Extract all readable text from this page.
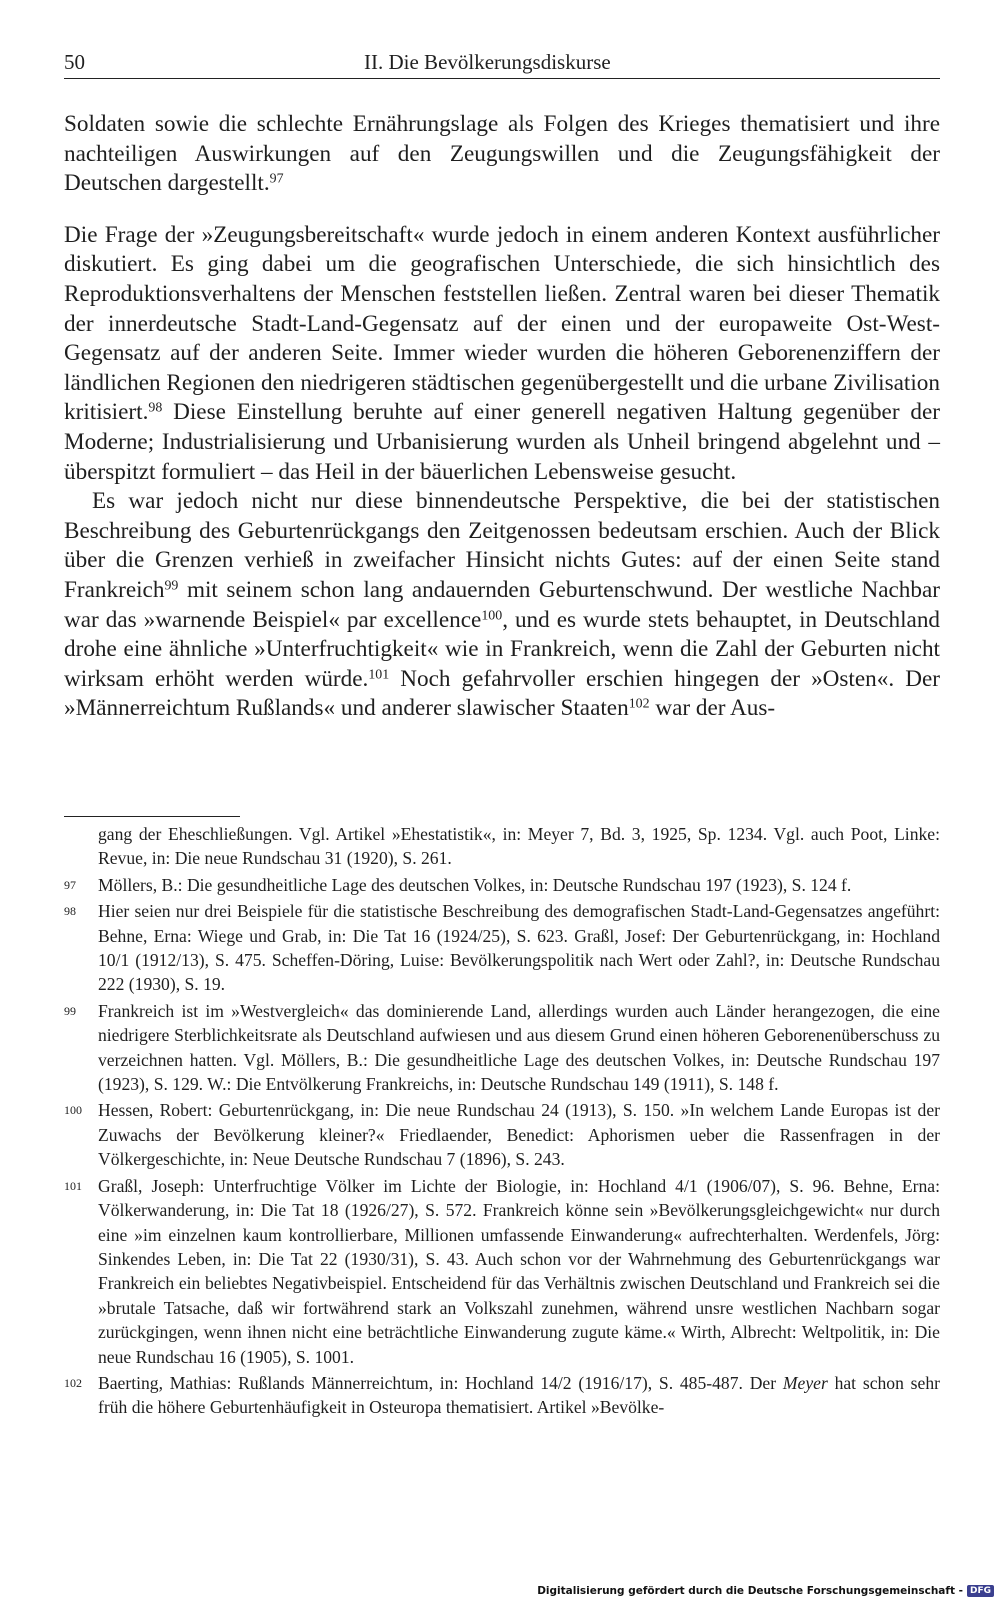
50	II. Die Bevölkerungsdiskurse

Soldaten sowie die schlechte Ernährungslage als Folgen des Krieges thematisiert und ihre nachteiligen Auswirkungen auf den Zeugungswillen und die Zeugungsfähigkeit der Deutschen dargestellt.$^{97}$

Die Frage der »Zeugungsbereitschaft« wurde jedoch in einem anderen Kontext ausführlicher diskutiert. Es ging dabei um die geografischen Unterschiede, die sich hinsichtlich des Reproduktionsverhaltens der Menschen feststellen ließen. Zentral waren bei dieser Thematik der innerdeutsche Stadt-Land-Gegensatz auf der einen und der europaweite Ost-West-Gegensatz auf der anderen Seite. Immer wieder wurden die höheren Geborenenziffern der ländlichen Regionen den niedrigeren städtischen gegenübergestellt und die urbane Zivilisation kritisiert.$^{98}$ Diese Einstellung beruhte auf einer generell negativen Haltung gegenüber der Moderne; Industrialisierung und Urbanisierung wurden als Unheil bringend abgelehnt und – überspitzt formuliert – das Heil in der bäuerlichen Lebensweise gesucht.

Es war jedoch nicht nur diese binnendeutsche Perspektive, die bei der statistischen Beschreibung des Geburtenrückgangs den Zeitgenossen bedeutsam erschien. Auch der Blick über die Grenzen verhieß in zweifacher Hinsicht nichts Gutes: auf der einen Seite stand Frankreich$^{99}$ mit seinem schon lang andauernden Geburtenschwund. Der westliche Nachbar war das »warnende Beispiel« par excellence$^{100}$, und es wurde stets behauptet, in Deutschland drohe eine ähnliche »Unterfruchtigkeit« wie in Frankreich, wenn die Zahl der Geburten nicht wirksam erhöht werden würde.$^{101}$ Noch gefahrvoller erschien hingegen der »Osten«. Der »Männerreichtum Rußlands« und anderer slawischer Staaten$^{102}$ war der Aus-

gang der Eheschließungen. Vgl. Artikel »Ehestatistik«, in: Meyer 7, Bd. 3, 1925, Sp. 1234. Vgl. auch Poot, Linke: Revue, in: Die neue Rundschau 31 (1920), S. 261.
97 Möllers, B.: Die gesundheitliche Lage des deutschen Volkes, in: Deutsche Rundschau 197 (1923), S. 124 f.
98 Hier seien nur drei Beispiele für die statistische Beschreibung des demografischen Stadt-Land-Gegensatzes angeführt: Behne, Erna: Wiege und Grab, in: Die Tat 16 (1924/25), S. 623. Graßl, Josef: Der Geburtenrückgang, in: Hochland 10/1 (1912/13), S. 475. Scheffen-Döring, Luise: Bevölkerungspolitik nach Wert oder Zahl?, in: Deutsche Rundschau 222 (1930), S. 19.
99 Frankreich ist im »Westvergleich« das dominierende Land, allerdings wurden auch Länder herangezogen, die eine niedrigere Sterblichkeitsrate als Deutschland aufwiesen und aus diesem Grund einen höheren Geborenenüberschuss zu verzeichnen hatten. Vgl. Möllers, B.: Die gesundheitliche Lage des deutschen Volkes, in: Deutsche Rundschau 197 (1923), S. 129. W.: Die Entvölkerung Frankreichs, in: Deutsche Rundschau 149 (1911), S. 148 f.
100 Hessen, Robert: Geburtenrückgang, in: Die neue Rundschau 24 (1913), S. 150. »In welchem Lande Europas ist der Zuwachs der Bevölkerung kleiner?« Friedlaender, Benedict: Aphorismen ueber die Rassenfragen in der Völkergeschichte, in: Neue Deutsche Rundschau 7 (1896), S. 243.
101 Graßl, Joseph: Unterfruchtige Völker im Lichte der Biologie, in: Hochland 4/1 (1906/07), S. 96. Behne, Erna: Völkerwanderung, in: Die Tat 18 (1926/27), S. 572. Frankreich könne sein »Bevölkerungsgleichgewicht« nur durch eine »im einzelnen kaum kontrollierbare, Millionen umfassende Einwanderung« aufrechterhalten. Werdenfels, Jörg: Sinkendes Leben, in: Die Tat 22 (1930/31), S. 43. Auch schon vor der Wahrnehmung des Geburtenrückgangs war Frankreich ein beliebtes Negativbeispiel. Entscheidend für das Verhältnis zwischen Deutschland und Frankreich sei die »brutale Tatsache, daß wir fortwährend stark an Volkszahl zunehmen, während unsre westlichen Nachbarn sogar zurückgingen, wenn ihnen nicht eine beträchtliche Einwanderung zugute käme.« Wirth, Albrecht: Weltpolitik, in: Die neue Rundschau 16 (1905), S. 1001.
102 Baerting, Mathias: Rußlands Männerreichtum, in: Hochland 14/2 (1916/17), S. 485-487. Der Meyer hat schon sehr früh die höhere Geburtenhäufigkeit in Osteuropa thematisiert. Artikel »Bevölke-
Digitalisierung gefördert durch die Deutsche Forschungsgemeinschaft - DFG
